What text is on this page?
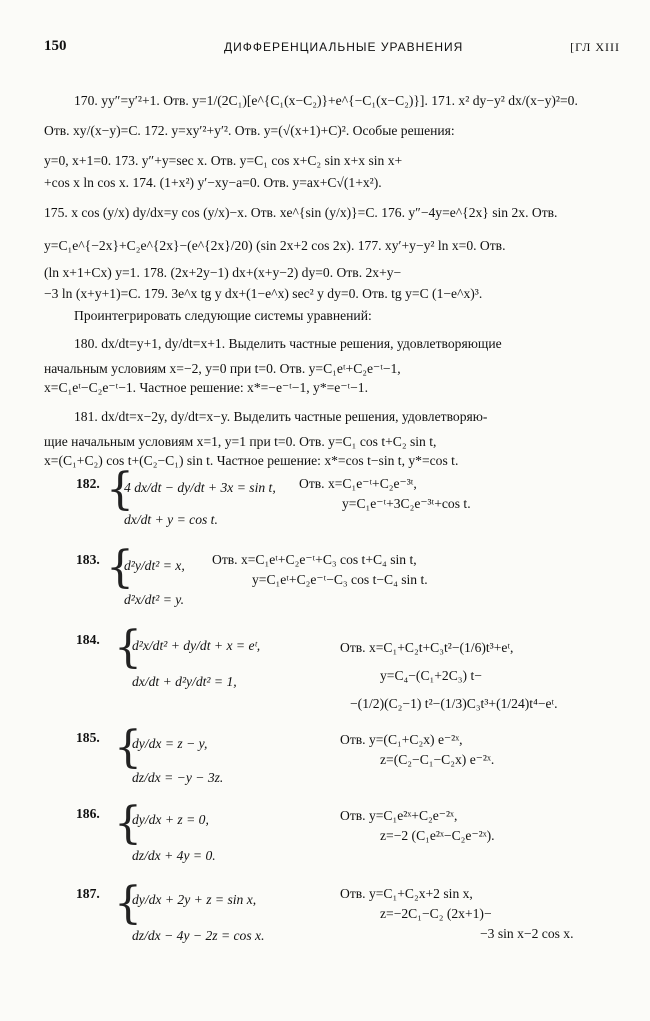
150	ДИФФЕРЕНЦИАЛЬНЫЕ УРАВНЕНИЯ	[ГЛ XIII
170. yy″=y′²+1. Отв. y=1/(2C₁)[e^{C₁(x−C₂)}+e^{−C₁(x−C₂)}]. 171. x² dy−y² dx/(x−y)²=0.
Отв. xy/(x−y)=C. 172. y=xy′²+y′². Отв. y=(√(x+1)+C)². Особые решения:
y=0, x+1=0. 173. y″+y=sec x. Отв. y=C₁ cos x+C₂ sin x+x sin x+
+cos x ln cos x. 174. (1+x²) y′−xy−a=0. Отв. y=ax+C√(1+x²).
175. x cos (y/x) dy/dx=y cos (y/x)−x. Отв. xe^{sin (y/x)}=C. 176. y″−4y=e^{2x} sin 2x. Отв.
y=C₁e^{−2x}+C₂e^{2x}−(e^{2x}/20) (sin 2x+2 cos 2x). 177. xy′+y−y² ln x=0. Отв.
(ln x+1+Cx) y=1. 178. (2x+2y−1) dx+(x+y−2) dy=0. Отв. 2x+y−
−3 ln (x+y+1)=C. 179. 3e^x tg y dx+(1−e^x) sec² y dy=0. Отв. tg y=C (1−e^x)³.
Проинтегрировать следующие системы уравнений:
180. dx/dt=y+1, dy/dt=x+1. Выделить частные решения, удовлетворяющие
начальным условиям x=−2, y=0 при t=0. Отв. y=C₁eᵗ+C₂e⁻ᵗ−1,
x=C₁eᵗ−C₂e⁻ᵗ−1. Частное решение: x*=−e⁻ᵗ−1, y*=e⁻ᵗ−1.
181. dx/dt=x−2y, dy/dt=x−y. Выделить частные решения, удовлетворяю-
щие начальным условиям x=1, y=1 при t=0. Отв. y=C₁ cos t+C₂ sin t,
x=(C₁+C₂) cos t+(C₂−C₁) sin t. Частное решение: x*=cos t−sin t, y*=cos t.
182. {
4 dx/dt − dy/dt + 3x = sin t,
dx/dt + y = cos t.
Отв. x=C₁e⁻ᵗ+C₂e⁻³ᵗ,
y=C₁e⁻ᵗ+3C₂e⁻³ᵗ+cos t.
183. {
d²y/dt² = x,
d²x/dt² = y.
Отв. x=C₁eᵗ+C₂e⁻ᵗ+C₃ cos t+C₄ sin t,
y=C₁eᵗ+C₂e⁻ᵗ−C₃ cos t−C₄ sin t.
184. {
d²x/dt² + dy/dt + x = eᵗ,
dx/dt + d²y/dt² = 1,
Отв. x=C₁+C₂t+C₃t²−(1/6)t³+eᵗ,
y=C₄−(C₁+2C₃) t−
−(1/2)(C₂−1) t²−(1/3)C₃t³+(1/24)t⁴−eᵗ.
185. {
dy/dx = z − y,
dz/dx = −y − 3z.
Отв. y=(C₁+C₂x) e⁻²ˣ,
z=(C₂−C₁−C₂x) e⁻²ˣ.
186. {
dy/dx + z = 0,
dz/dx + 4y = 0.
Отв. y=C₁e²ˣ+C₂e⁻²ˣ,
z=−2 (C₁e²ˣ−C₂e⁻²ˣ).
187. {
dy/dx + 2y + z = sin x,
dz/dx − 4y − 2z = cos x.
Отв. y=C₁+C₂x+2 sin x,
z=−2C₁−C₂ (2x+1)−
−3 sin x−2 cos x.
